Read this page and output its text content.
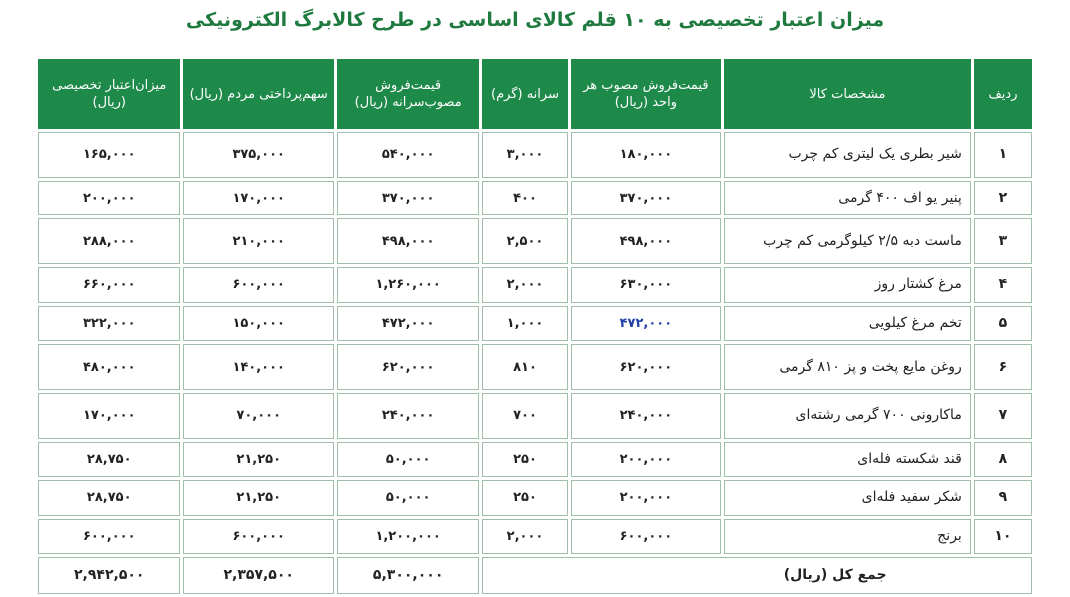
میزان اعتبار تخصیصی به ۱۰ قلم کالای اساسی در طرح کالابرگ الکترونیکی
ردیف	مشخصات کالا	قیمت‌فروش مصوب هر واحد (ریال)	سرانه (گرم)	قیمت‌فروش مصوب‌سرانه (ریال)	سهم‌پرداختی مردم (ریال)	میزان‌اعتبار تخصیصی (ریال)
۱	شیر بطری یک لیتری کم چرب	۱۸۰,۰۰۰	۳,۰۰۰	۵۴۰,۰۰۰	۳۷۵,۰۰۰	۱۶۵,۰۰۰
۲	پنیر یو اف ۴۰۰ گرمی	۳۷۰,۰۰۰	۴۰۰	۳۷۰,۰۰۰	۱۷۰,۰۰۰	۲۰۰,۰۰۰
۳	ماست دبه ۲/۵ کیلوگرمی کم چرب	۴۹۸,۰۰۰	۲,۵۰۰	۴۹۸,۰۰۰	۲۱۰,۰۰۰	۲۸۸,۰۰۰
۴	مرغ کشتار روز	۶۳۰,۰۰۰	۲,۰۰۰	۱,۲۶۰,۰۰۰	۶۰۰,۰۰۰	۶۶۰,۰۰۰
۵	تخم مرغ کیلویی	۴۷۲,۰۰۰	۱,۰۰۰	۴۷۲,۰۰۰	۱۵۰,۰۰۰	۳۲۲,۰۰۰
۶	روغن مایع پخت و پز ۸۱۰ گرمی	۶۲۰,۰۰۰	۸۱۰	۶۲۰,۰۰۰	۱۴۰,۰۰۰	۴۸۰,۰۰۰
۷	ماکارونی ۷۰۰ گرمی رشته‌ای	۲۴۰,۰۰۰	۷۰۰	۲۴۰,۰۰۰	۷۰,۰۰۰	۱۷۰,۰۰۰
۸	قند شکسته فله‌ای	۲۰۰,۰۰۰	۲۵۰	۵۰,۰۰۰	۲۱,۲۵۰	۲۸,۷۵۰
۹	شکر سفید فله‌ای	۲۰۰,۰۰۰	۲۵۰	۵۰,۰۰۰	۲۱,۲۵۰	۲۸,۷۵۰
۱۰	برنج	۶۰۰,۰۰۰	۲,۰۰۰	۱,۲۰۰,۰۰۰	۶۰۰,۰۰۰	۶۰۰,۰۰۰
جمع کل (ریال)				۵,۳۰۰,۰۰۰	۲,۳۵۷,۵۰۰	۲,۹۴۲,۵۰۰
